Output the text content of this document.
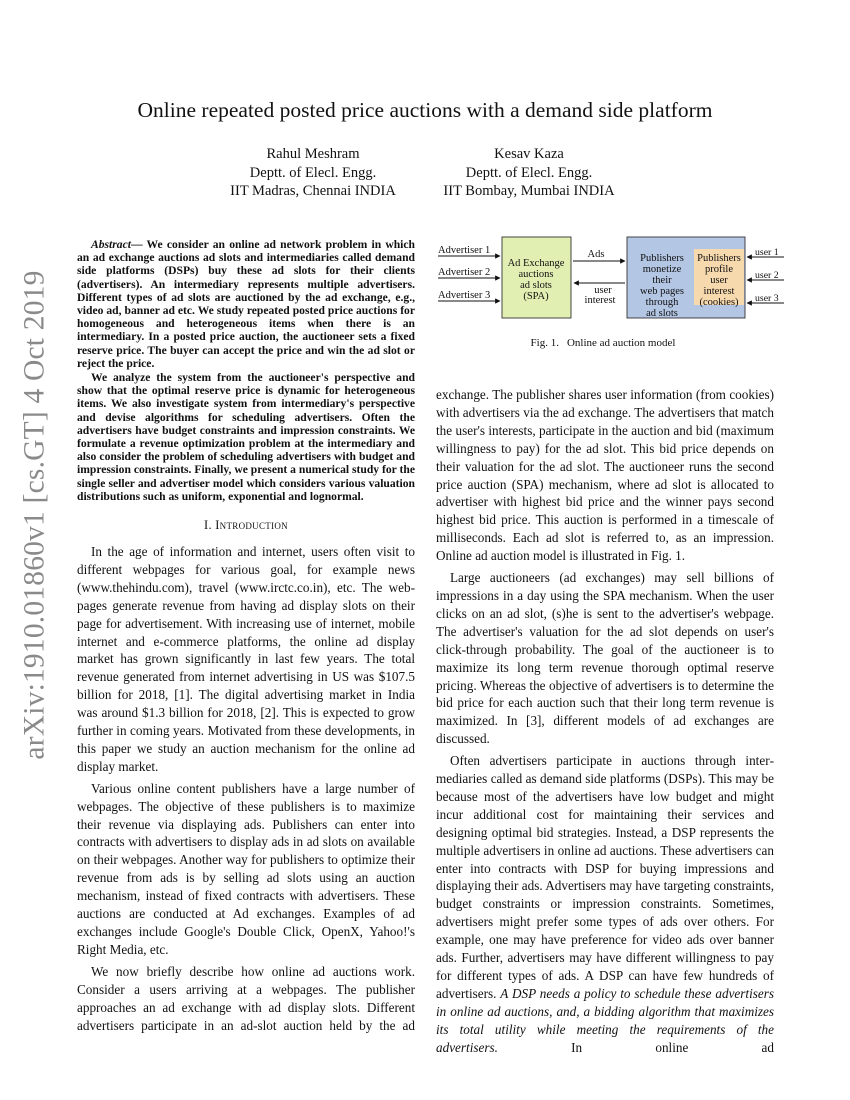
arXiv:1910.01860v1 [cs.GT] 4 Oct 2019
Online repeated posted price auctions with a demand side platform
Rahul Meshram
Deptt. of Elecl. Engg.
IIT Madras, Chennai INDIA
Kesav Kaza
Deptt. of Elecl. Engg.
IIT Bombay, Mumbai INDIA

Abstract— We consider an online ad network problem in which an ad exchange auctions ad slots and intermediaries called demand side platforms (DSPs) buy these ad slots for their clients (advertisers). An intermediary represents multiple advertisers. Different types of ad slots are auctioned by the ad exchange, e.g., video ad, banner ad etc. We study repeated posted price auctions for homogeneous and heterogeneous items when there is an intermediary. In a posted price auction, the auctioneer sets a fixed reserve price. The buyer can accept the price and win the ad slot or reject the price.

We analyze the system from the auctioneer's perspective and show that the optimal reserve price is dynamic for heterogeneous items. We also investigate system from intermediary's perspective and devise algorithms for scheduling advertisers. Often the advertisers have budget constraints and impression constraints. We formulate a revenue optimization problem at the intermediary and also consider the problem of scheduling advertisers with budget and impression constraints. Finally, we present a numerical study for the single seller and advertiser model which considers various valuation distributions such as uniform, exponential and lognormal.

I. Introduction

In the age of information and internet, users often visit to different webpages for various goal, for example news (www.thehindu.com), travel (www.irctc.co.in), etc. The webpages generate revenue from having ad display slots on their page for advertisement. With increasing use of internet, mobile internet and e-commerce platforms, the online ad display market has grown significantly in last few years. The total revenue generated from internet advertising in US was $107.5 billion for 2018, [1]. The digital advertising market in India was around $1.3 billion for 2018, [2]. This is expected to grow further in coming years. Motivated from these developments, in this paper we study an auction mechanism for the online ad display market.

Various online content publishers have a large number of webpages. The objective of these publishers is to maximize their revenue via displaying ads. Publishers can enter into contracts with advertisers to display ads in ad slots on available on their webpages. Another way for publishers to optimize their revenue from ads is by selling ad slots using an auction mechanism, instead of fixed contracts with advertisers. These auctions are conducted at Ad exchanges. Examples of ad exchanges include Google's Double Click, OpenX, Yahoo!'s Right Media, etc.

We now briefly describe how online ad auctions work. Consider a users arriving at a webpages. The publisher approaches an ad exchange with ad display slots. Different advertisers participate in an ad-slot auction held by the ad

Advertiser 1
Advertiser 2
Advertiser 3
Ad Exchange
auctions
ad slots
(SPA)
Ads
user
interest
Publishers
monetize
their
web pages
through
ad slots
Publishers
profile
user
interest
(cookies)
user 1
user 2
user 3
Fig. 1. Online ad auction model

exchange. The publisher shares user information (from cookies) with advertisers via the ad exchange. The advertisers that match the user's interests, participate in the auction and bid (maximum willingness to pay) for the ad slot. This bid price depends on their valuation for the ad slot. The auctioneer runs the second price auction (SPA) mechanism, where ad slot is allocated to advertiser with highest bid price and the winner pays second highest bid price. This auction is performed in a timescale of milliseconds. Each ad slot is referred to, as an impression. Online ad auction model is illustrated in Fig. 1.

Large auctioneers (ad exchanges) may sell billions of impressions in a day using the SPA mechanism. When the user clicks on an ad slot, (s)he is sent to the advertiser's webpage. The advertiser's valuation for the ad slot depends on user's click-through probability. The goal of the auctioneer is to maximize its long term revenue thorough optimal reserve pricing. Whereas the objective of advertisers is to determine the bid price for each auction such that their long term revenue is maximized. In [3], different models of ad exchanges are discussed.

Often advertisers participate in auctions through intermediaries called as demand side platforms (DSPs). This may be because most of the advertisers have low budget and might incur additional cost for maintaining their services and designing optimal bid strategies. Instead, a DSP represents the multiple advertisers in online ad auctions. These advertisers can enter into contracts with DSP for buying impressions and displaying their ads. Advertisers may have targeting constraints, budget constraints or impression constraints. Sometimes, advertisers might prefer some types of ads over others. For example, one may have preference for video ads over banner ads. Further, advertisers may have different willingness to pay for different types of ads. A DSP can have few hundreds of advertisers. A DSP needs a policy to schedule these advertisers in online ad auctions, and, a bidding algorithm that maximizes its total utility while meeting the requirements of the advertisers. In online ad
